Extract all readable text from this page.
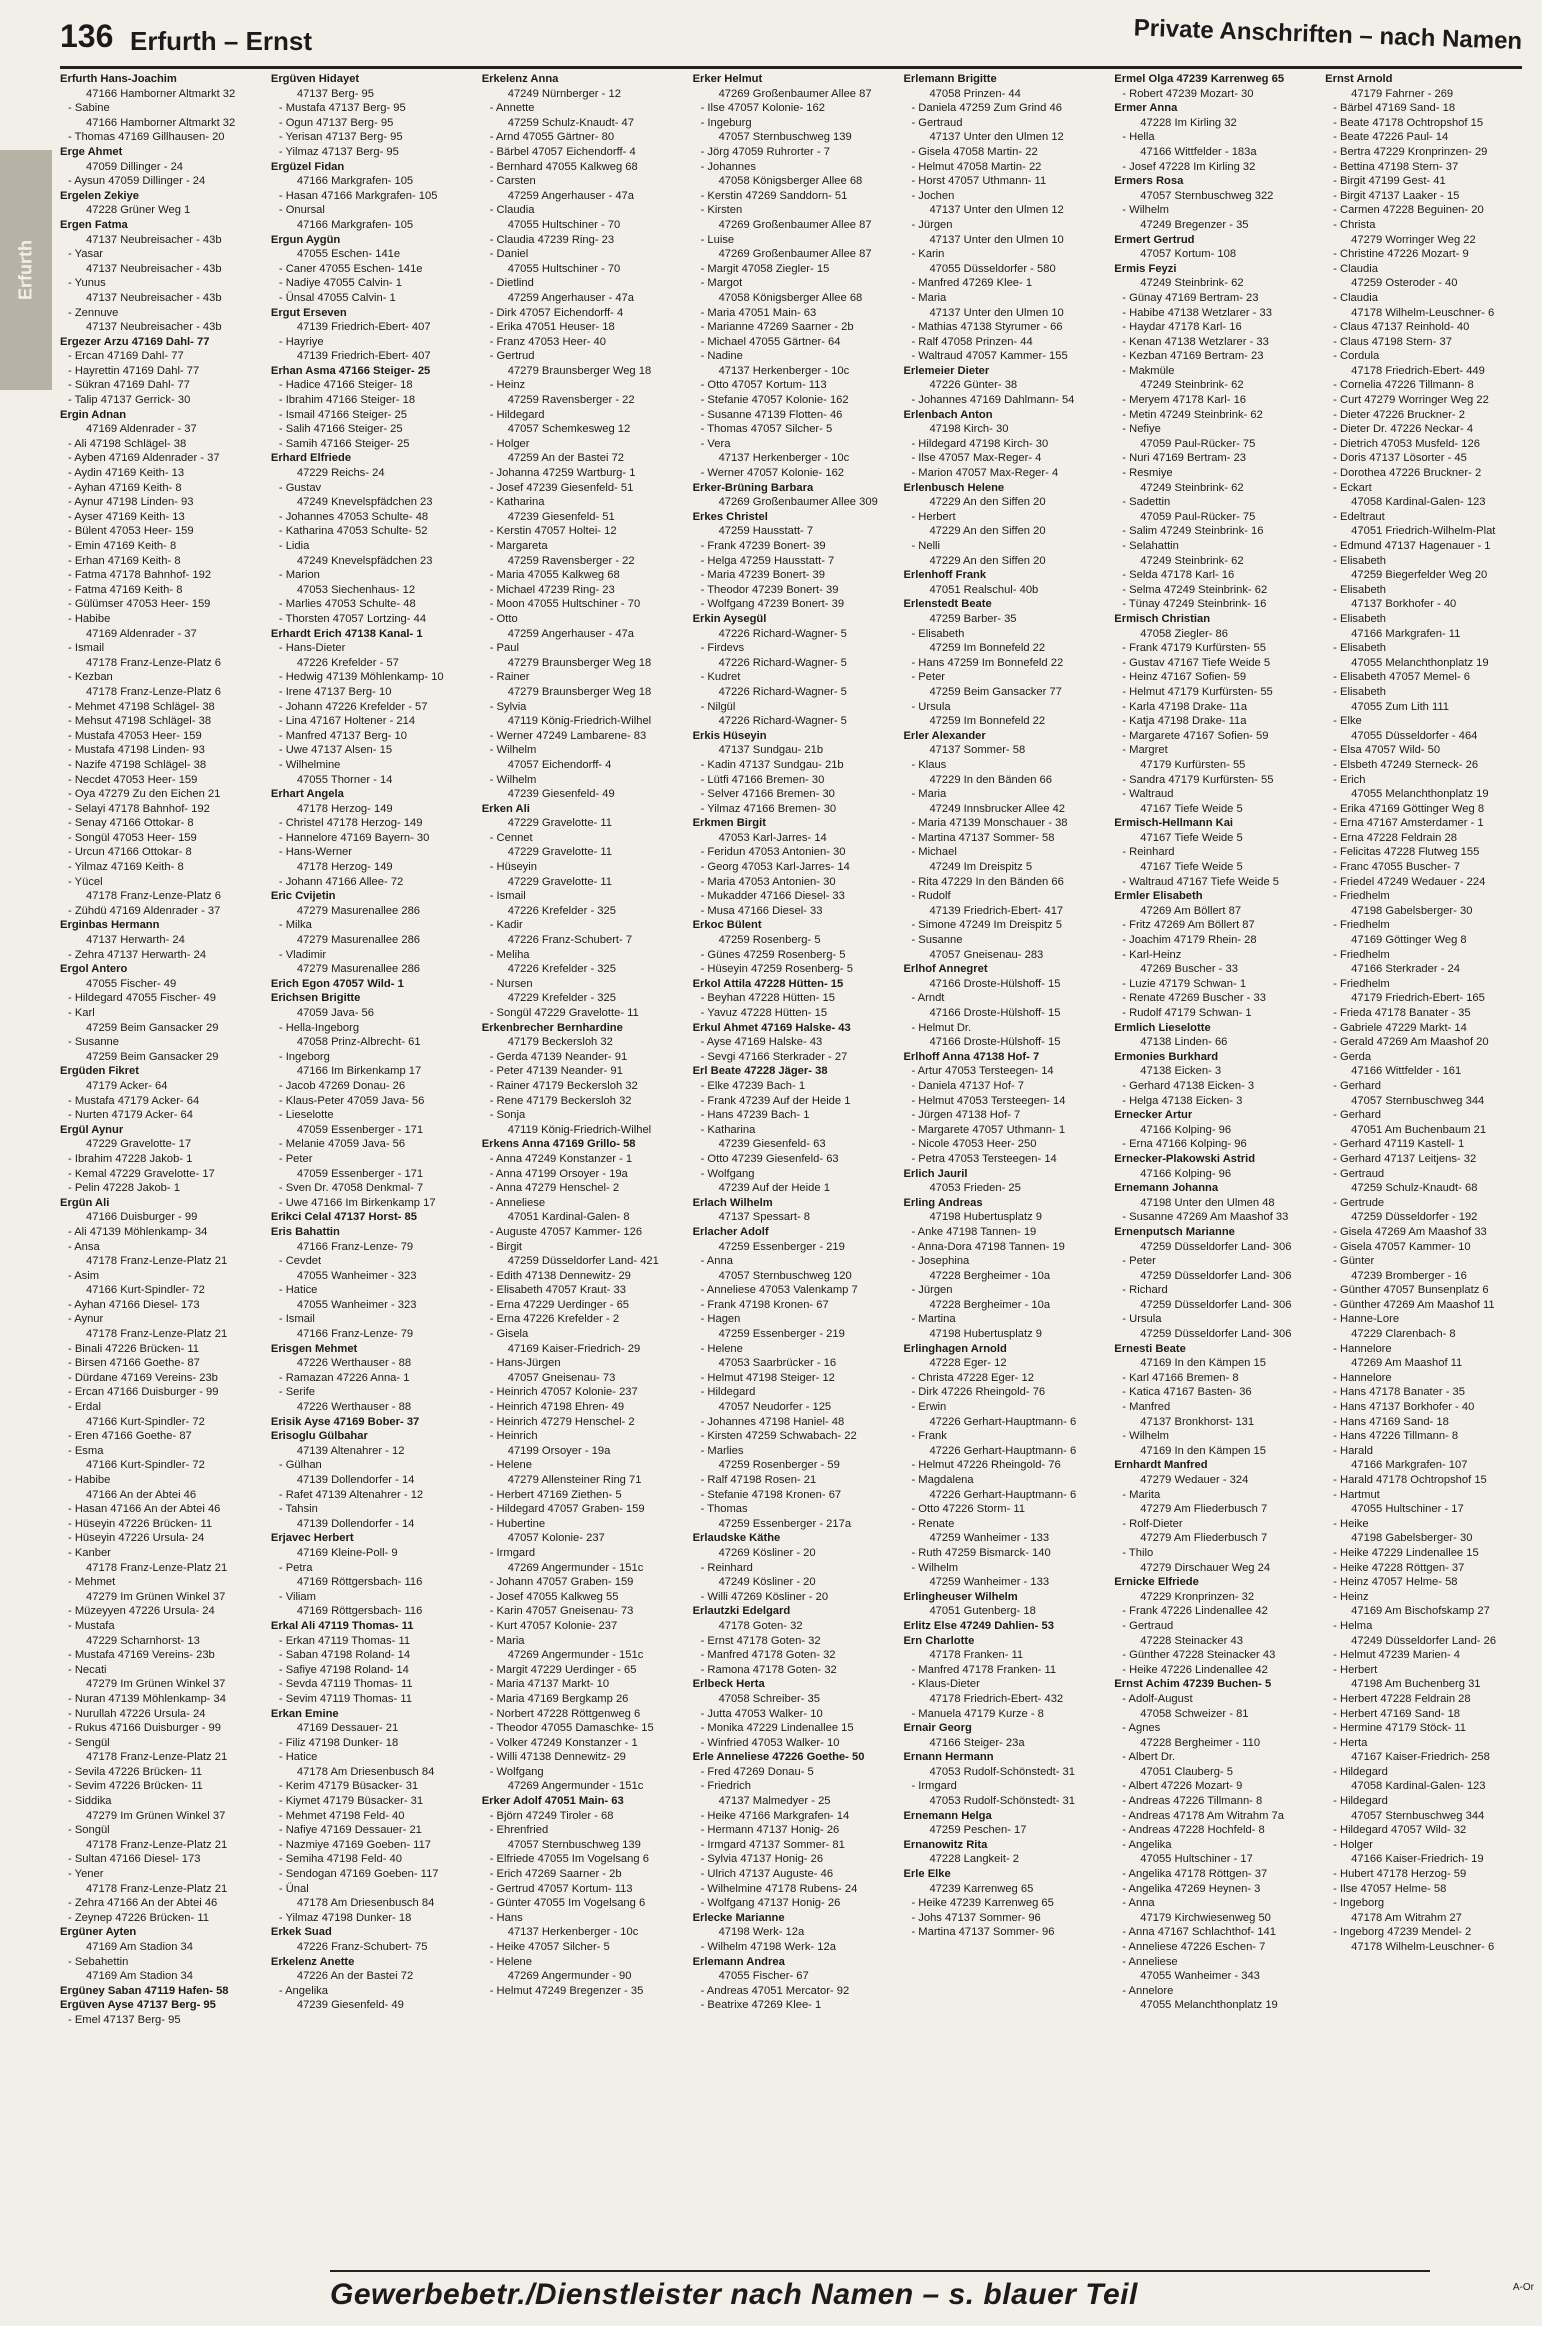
136 Erfurth – Ernst	Private Anschriften – nach Namen
Erfurth
Erfurth Hans-Joachim
47166 Hamborner Altmarkt 32
- Sabine
47166 Hamborner Altmarkt 32
- Thomas 47169 Gillhausen- 20
Erge Ahmet
47059 Dillinger - 24
- Aysun 47059 Dillinger - 24
Ergelen Zekiye
47228 Grüner Weg 1
Ergen Fatma
47137 Neubreisacher - 43b
- Yasar
47137 Neubreisacher - 43b
- Yunus
47137 Neubreisacher - 43b
- Zennuve
47137 Neubreisacher - 43b
Ergezer Arzu 47169 Dahl- 77
- Ercan 47169 Dahl- 77
- Hayrettin 47169 Dahl- 77
- Sükran 47169 Dahl- 77
- Talip 47137 Gerrick- 30
Ergin Adnan
47169 Aldenrader - 37
- Ali 47198 Schlägel- 38
- Ayben 47169 Aldenrader - 37
- Aydin 47169 Keith- 13
- Ayhan 47169 Keith- 8
- Aynur 47198 Linden- 93
- Ayser 47169 Keith- 13
- Bülent 47053 Heer- 159
- Emin 47169 Keith- 8
- Erhan 47169 Keith- 8
- Fatma 47178 Bahnhof- 192
- Fatma 47169 Keith- 8
- Gülümser 47053 Heer- 159
- Habibe
47169 Aldenrader - 37
- Ismail
47178 Franz-Lenze-Platz 6
- Kezban
47178 Franz-Lenze-Platz 6
- Mehmet 47198 Schlägel- 38
- Mehsut 47198 Schlägel- 38
- Mustafa 47053 Heer- 159
- Mustafa 47198 Linden- 93
- Nazife 47198 Schlägel- 38
- Necdet 47053 Heer- 159
- Oya 47279 Zu den Eichen 21
- Selayi 47178 Bahnhof- 192
- Senay 47166 Ottokar- 8
- Songül 47053 Heer- 159
- Urcun 47166 Ottokar- 8
- Yilmaz 47169 Keith- 8
- Yücel
47178 Franz-Lenze-Platz 6
- Zühdü 47169 Aldenrader - 37
Erginbas Hermann
47137 Herwarth- 24
- Zehra 47137 Herwarth- 24
Ergol Antero
47055 Fischer- 49
- Hildegard 47055 Fischer- 49
- Karl
47259 Beim Gansacker 29
- Susanne
47259 Beim Gansacker 29
Ergüden Fikret
47179 Acker- 64
- Mustafa 47179 Acker- 64
- Nurten 47179 Acker- 64
Ergül Aynur
47229 Gravelotte- 17
- Ibrahim 47228 Jakob- 1
- Kemal 47229 Gravelotte- 17
- Pelin 47228 Jakob- 1
Ergün Ali
47166 Duisburger - 99
- Ali 47139 Möhlenkamp- 34
- Ansa
47178 Franz-Lenze-Platz 21
- Asim
47166 Kurt-Spindler- 72
- Ayhan 47166 Diesel- 173
- Aynur
47178 Franz-Lenze-Platz 21
- Binali 47226 Brücken- 11
- Birsen 47166 Goethe- 87
- Dürdane 47169 Vereins- 23b
- Ercan 47166 Duisburger - 99
- Erdal
47166 Kurt-Spindler- 72
- Eren 47166 Goethe- 87
- Esma
47166 Kurt-Spindler- 72
- Habibe
47166 An der Abtei 46
- Hasan 47166 An der Abtei 46
- Hüseyin 47226 Brücken- 11
- Hüseyin 47226 Ursula- 24
- Kanber
47178 Franz-Lenze-Platz 21
- Mehmet
47279 Im Grünen Winkel 37
- Müzeyyen 47226 Ursula- 24
- Mustafa
47229 Scharnhorst- 13
- Mustafa 47169 Vereins- 23b
- Necati
47279 Im Grünen Winkel 37
- Nuran 47139 Möhlenkamp- 34
- Nurullah 47226 Ursula- 24
- Rukus 47166 Duisburger - 99
- Sengül
47178 Franz-Lenze-Platz 21
- Sevila 47226 Brücken- 11
- Sevim 47226 Brücken- 11
- Siddika
47279 Im Grünen Winkel 37
- Songül
47178 Franz-Lenze-Platz 21
- Sultan 47166 Diesel- 173
- Yener
47178 Franz-Lenze-Platz 21
- Zehra 47166 An der Abtei 46
- Zeynep 47226 Brücken- 11
Ergüner Ayten
47169 Am Stadion 34
- Sebahettin
47169 Am Stadion 34
Ergüney Saban 47119 Hafen- 58
Ergüven Ayse 47137 Berg- 95
- Emel 47137 Berg- 95
Ergüven Hidayet
47137 Berg- 95
- Mustafa 47137 Berg- 95
- Ogun 47137 Berg- 95
- Yerisan 47137 Berg- 95
- Yilmaz 47137 Berg- 95
Ergüzel Fidan
47166 Markgrafen- 105
- Hasan 47166 Markgrafen- 105
- Onursal
47166 Markgrafen- 105
Ergun Aygün
47055 Eschen- 141e
- Caner 47055 Eschen- 141e
- Nadiye 47055 Calvin- 1
- Ünsal 47055 Calvin- 1
Ergut Erseven
47139 Friedrich-Ebert- 407
- Hayriye
47139 Friedrich-Ebert- 407
Erhan Asma 47166 Steiger- 25
- Hadice 47166 Steiger- 18
- Ibrahim 47166 Steiger- 18
- Ismail 47166 Steiger- 25
- Salih 47166 Steiger- 25
- Samih 47166 Steiger- 25
Erhard Elfriede
47229 Reichs- 24
- Gustav
47249 Knevelspfädchen 23
- Johannes 47053 Schulte- 48
- Katharina 47053 Schulte- 52
- Lidia
47249 Knevelspfädchen 23
- Marion
47053 Siechenhaus- 12
- Marlies 47053 Schulte- 48
- Thorsten 47057 Lortzing- 44
Erhardt Erich 47138 Kanal- 1
- Hans-Dieter
47226 Krefelder - 57
- Hedwig 47139 Möhlenkamp- 10
- Irene 47137 Berg- 10
- Johann 47226 Krefelder - 57
- Lina 47167 Holtener - 214
- Manfred 47137 Berg- 10
- Uwe 47137 Alsen- 15
- Wilhelmine
47055 Thorner - 14
Erhart Angela
47178 Herzog- 149
- Christel 47178 Herzog- 149
- Hannelore 47169 Bayern- 30
- Hans-Werner
47178 Herzog- 149
- Johann 47166 Allee- 72
Eric Cvijetin
47279 Masurenallee 286
- Milka
47279 Masurenallee 286
- Vladimir
47279 Masurenallee 286
Erich Egon 47057 Wild- 1
Erichsen Brigitte
47059 Java- 56
- Hella-Ingeborg
47058 Prinz-Albrecht- 61
- Ingeborg
47166 Im Birkenkamp 17
- Jacob 47269 Donau- 26
- Klaus-Peter 47059 Java- 56
- Lieselotte
47059 Essenberger - 171
- Melanie 47059 Java- 56
- Peter
47059 Essenberger - 171
- Sven Dr. 47058 Denkmal- 7
- Uwe 47166 Im Birkenkamp 17
Erikci Celal 47137 Horst- 85
Eris Bahattin
47166 Franz-Lenze- 79
- Cevdet
47055 Wanheimer - 323
- Hatice
47055 Wanheimer - 323
- Ismail
47166 Franz-Lenze- 79
Erisgen Mehmet
47226 Werthauser - 88
- Ramazan 47226 Anna- 1
- Serife
47226 Werthauser - 88
Erisik Ayse 47169 Bober- 37
Erisoglu Gülbahar
47139 Altenahrer - 12
- Gülhan
47139 Dollendorfer - 14
- Rafet 47139 Altenahrer - 12
- Tahsin
47139 Dollendorfer - 14
Erjavec Herbert
47169 Kleine-Poll- 9
- Petra
47169 Röttgersbach- 116
- Viliam
47169 Röttgersbach- 116
Erkal Ali 47119 Thomas- 11
- Erkan 47119 Thomas- 11
- Saban 47198 Roland- 14
- Safiye 47198 Roland- 14
- Sevda 47119 Thomas- 11
- Sevim 47119 Thomas- 11
Erkan Emine
47169 Dessauer- 21
- Filiz 47198 Dunker- 18
- Hatice
47178 Am Driesenbusch 84
- Kerim 47179 Büsacker- 31
- Kiymet 47179 Büsacker- 31
- Mehmet 47198 Feld- 40
- Nafiye 47169 Dessauer- 21
- Nazmiye 47169 Goeben- 117
- Semiha 47198 Feld- 40
- Sendogan 47169 Goeben- 117
- Ünal
47178 Am Driesenbusch 84
- Yilmaz 47198 Dunker- 18
Erkek Suad
47226 Franz-Schubert- 75
Erkelenz Anette
47226 An der Bastei 72
- Angelika
47239 Giesenfeld- 49
Erkelenz Anna
47249 Nürnberger - 12
- Annette
47259 Schulz-Knaudt- 47
- Arnd 47055 Gärtner- 80
- Bärbel 47057 Eichendorff- 4
- Bernhard 47055 Kalkweg 68
- Carsten
47259 Angerhauser - 47a
- Claudia
47055 Hultschiner - 70
- Claudia 47239 Ring- 23
- Daniel
47055 Hultschiner - 70
- Dietlind
47259 Angerhauser - 47a
- Dirk 47057 Eichendorff- 4
- Erika 47051 Heuser- 18
- Franz 47053 Heer- 40
- Gertrud
47279 Braunsberger Weg 18
- Heinz
47259 Ravensberger - 22
- Hildegard
47057 Schemkesweg 12
- Holger
47259 An der Bastei 72
- Johanna 47259 Wartburg- 1
- Josef 47239 Giesenfeld- 51
- Katharina
47239 Giesenfeld- 51
- Kerstin 47057 Holtei- 12
- Margareta
47259 Ravensberger - 22
- Maria 47055 Kalkweg 68
- Michael 47239 Ring- 23
- Moon 47055 Hultschiner - 70
- Otto
47259 Angerhauser - 47a
- Paul
47279 Braunsberger Weg 18
- Rainer
47279 Braunsberger Weg 18
- Sylvia
47119 König-Friedrich-Wilhel
- Werner 47249 Lambarene- 83
- Wilhelm
47057 Eichendorff- 4
- Wilhelm
47239 Giesenfeld- 49
Erken Ali
47229 Gravelotte- 11
- Cennet
47229 Gravelotte- 11
- Hüseyin
47229 Gravelotte- 11
- Ismail
47226 Krefelder - 325
- Kadir
47226 Franz-Schubert- 7
- Meliha
47226 Krefelder - 325
- Nursen
47229 Krefelder - 325
- Songül 47229 Gravelotte- 11
Erkenbrecher Bernhardine
47179 Beckersloh 32
- Gerda 47139 Neander- 91
- Peter 47139 Neander- 91
- Rainer 47179 Beckersloh 32
- Rene 47179 Beckersloh 32
- Sonja
47119 König-Friedrich-Wilhel
Erkens Anna 47169 Grillo- 58
- Anna 47249 Konstanzer - 1
- Anna 47199 Orsoyer - 19a
- Anna 47279 Henschel- 2
- Anneliese
47051 Kardinal-Galen- 8
- Auguste 47057 Kammer- 126
- Birgit
47259 Düsseldorfer Land- 421
- Edith 47138 Dennewitz- 29
- Elisabeth 47057 Kraut- 33
- Erna 47229 Uerdinger - 65
- Erna 47226 Krefelder - 2
- Gisela
47169 Kaiser-Friedrich- 29
- Hans-Jürgen
47057 Gneisenau- 73
- Heinrich 47057 Kolonie- 237
- Heinrich 47198 Ehren- 49
- Heinrich 47279 Henschel- 2
- Heinrich
47199 Orsoyer - 19a
- Helene
47279 Allensteiner Ring 71
- Herbert 47169 Ziethen- 5
- Hildegard 47057 Graben- 159
- Hubertine
47057 Kolonie- 237
- Irmgard
47269 Angermunder - 151c
- Johann 47057 Graben- 159
- Josef 47055 Kalkweg 55
- Karin 47057 Gneisenau- 73
- Kurt 47057 Kolonie- 237
- Maria
47269 Angermunder - 151c
- Margit 47229 Uerdinger - 65
- Maria 47137 Markt- 10
- Maria 47169 Bergkamp 26
- Norbert 47228 Röttgenweg 6
- Theodor 47055 Damaschke- 15
- Volker 47249 Konstanzer - 1
- Willi 47138 Dennewitz- 29
- Wolfgang
47269 Angermunder - 151c
Erker Adolf 47051 Main- 63
- Björn 47249 Tiroler - 68
- Ehrenfried
47057 Sternbuschweg 139
- Elfriede 47055 Im Vogelsang 6
- Erich 47269 Saarner - 2b
- Gertrud 47057 Kortum- 113
- Günter 47055 Im Vogelsang 6
- Hans
47137 Herkenberger - 10c
- Heike 47057 Silcher- 5
- Helene
47269 Angermunder - 90
- Helmut 47249 Bregenzer - 35
Erker Helmut
47269 Großenbaumer Allee 87
- Ilse 47057 Kolonie- 162
- Ingeburg
47057 Sternbuschweg 139
- Jörg 47059 Ruhrorter - 7
- Johannes
47058 Königsberger Allee 68
- Kerstin 47269 Sanddorn- 51
- Kirsten
47269 Großenbaumer Allee 87
- Luise
47269 Großenbaumer Allee 87
- Margit 47058 Ziegler- 15
- Margot
47058 Königsberger Allee 68
- Maria 47051 Main- 63
- Marianne 47269 Saarner - 2b
- Michael 47055 Gärtner- 64
- Nadine
47137 Herkenberger - 10c
- Otto 47057 Kortum- 113
- Stefanie 47057 Kolonie- 162
- Susanne 47139 Flotten- 46
- Thomas 47057 Silcher- 5
- Vera
47137 Herkenberger - 10c
- Werner 47057 Kolonie- 162
Erker-Brüning Barbara
47269 Großenbaumer Allee 309
Erkes Christel
47259 Hausstatt- 7
- Frank 47239 Bonert- 39
- Helga 47259 Hausstatt- 7
- Maria 47239 Bonert- 39
- Theodor 47239 Bonert- 39
- Wolfgang 47239 Bonert- 39
Erkin Aysegül
47226 Richard-Wagner- 5
- Firdevs
47226 Richard-Wagner- 5
- Kudret
47226 Richard-Wagner- 5
- Nilgül
47226 Richard-Wagner- 5
Erkis Hüseyin
47137 Sundgau- 21b
- Kadin 47137 Sundgau- 21b
- Lütfi 47166 Bremen- 30
- Selver 47166 Bremen- 30
- Yilmaz 47166 Bremen- 30
Erkmen Birgit
47053 Karl-Jarres- 14
- Feridun 47053 Antonien- 30
- Georg 47053 Karl-Jarres- 14
- Maria 47053 Antonien- 30
- Mukadder 47166 Diesel- 33
- Musa 47166 Diesel- 33
Erkoc Bülent
47259 Rosenberg- 5
- Günes 47259 Rosenberg- 5
- Hüseyin 47259 Rosenberg- 5
Erkol Attila 47228 Hütten- 15
- Beyhan 47228 Hütten- 15
- Yavuz 47228 Hütten- 15
Erkul Ahmet 47169 Halske- 43
- Ayse 47169 Halske- 43
- Sevgi 47166 Sterkrader - 27
Erl Beate 47228 Jäger- 38
- Elke 47239 Bach- 1
- Frank 47239 Auf der Heide 1
- Hans 47239 Bach- 1
- Katharina
47239 Giesenfeld- 63
- Otto 47239 Giesenfeld- 63
- Wolfgang
47239 Auf der Heide 1
Erlach Wilhelm
47137 Spessart- 8
Erlacher Adolf
47259 Essenberger - 219
- Anna
47057 Sternbuschweg 120
- Anneliese 47053 Valenkamp 7
- Frank 47198 Kronen- 67
- Hagen
47259 Essenberger - 219
- Helene
47053 Saarbrücker - 16
- Helmut 47198 Steiger- 12
- Hildegard
47057 Neudorfer - 125
- Johannes 47198 Haniel- 48
- Kirsten 47259 Schwabach- 22
- Marlies
47259 Rosenberger - 59
- Ralf 47198 Rosen- 21
- Stefanie 47198 Kronen- 67
- Thomas
47259 Essenberger - 217a
Erlaudske Käthe
47269 Kösliner - 20
- Reinhard
47249 Kösliner - 20
- Willi 47269 Kösliner - 20
Erlautzki Edelgard
47178 Goten- 32
- Ernst 47178 Goten- 32
- Manfred 47178 Goten- 32
- Ramona 47178 Goten- 32
Erlbeck Herta
47058 Schreiber- 35
- Jutta 47053 Walker- 10
- Monika 47229 Lindenallee 15
- Winfried 47053 Walker- 10
Erle Anneliese 47226 Goethe- 50
- Fred 47269 Donau- 5
- Friedrich
47137 Malmedyer - 25
- Heike 47166 Markgrafen- 14
- Hermann 47137 Honig- 26
- Irmgard 47137 Sommer- 81
- Sylvia 47137 Honig- 26
- Ulrich 47137 Auguste- 46
- Wilhelmine 47178 Rubens- 24
- Wolfgang 47137 Honig- 26
Erlecke Marianne
47198 Werk- 12a
- Wilhelm 47198 Werk- 12a
Erlemann Andrea
47055 Fischer- 67
- Andreas 47051 Mercator- 92
- Beatrixe 47269 Klee- 1
Erlemann Brigitte
47058 Prinzen- 44
- Daniela 47259 Zum Grind 46
- Gertraud
47137 Unter den Ulmen 12
- Gisela 47058 Martin- 22
- Helmut 47058 Martin- 22
- Horst 47057 Uthmann- 11
- Jochen
47137 Unter den Ulmen 12
- Jürgen
47137 Unter den Ulmen 10
- Karin
47055 Düsseldorfer - 580
- Manfred 47269 Klee- 1
- Maria
47137 Unter den Ulmen 10
- Mathias 47138 Styrumer - 66
- Ralf 47058 Prinzen- 44
- Waltraud 47057 Kammer- 155
Erlemeier Dieter
47226 Günter- 38
- Johannes 47169 Dahlmann- 54
Erlenbach Anton
47198 Kirch- 30
- Hildegard 47198 Kirch- 30
- Ilse 47057 Max-Reger- 4
- Marion 47057 Max-Reger- 4
Erlenbusch Helene
47229 An den Siffen 20
- Herbert
47229 An den Siffen 20
- Nelli
47229 An den Siffen 20
Erlenhoff Frank
47051 Realschul- 40b
Erlenstedt Beate
47259 Barber- 35
- Elisabeth
47259 Im Bonnefeld 22
- Hans 47259 Im Bonnefeld 22
- Peter
47259 Beim Gansacker 77
- Ursula
47259 Im Bonnefeld 22
Erler Alexander
47137 Sommer- 58
- Klaus
47229 In den Bänden 66
- Maria
47249 Innsbrucker Allee 42
- Maria 47139 Monschauer - 38
- Martina 47137 Sommer- 58
- Michael
47249 Im Dreispitz 5
- Rita 47229 In den Bänden 66
- Rudolf
47139 Friedrich-Ebert- 417
- Simone 47249 Im Dreispitz 5
- Susanne
47057 Gneisenau- 283
Erlhof Annegret
47166 Droste-Hülshoff- 15
- Arndt
47166 Droste-Hülshoff- 15
- Helmut Dr.
47166 Droste-Hülshoff- 15
Erlhoff Anna 47138 Hof- 7
- Artur 47053 Tersteegen- 14
- Daniela 47137 Hof- 7
- Helmut 47053 Tersteegen- 14
- Jürgen 47138 Hof- 7
- Margarete 47057 Uthmann- 1
- Nicole 47053 Heer- 250
- Petra 47053 Tersteegen- 14
Erlich Jauril
47053 Frieden- 25
Erling Andreas
47198 Hubertusplatz 9
- Anke 47198 Tannen- 19
- Anna-Dora 47198 Tannen- 19
- Josephina
47228 Bergheimer - 10a
- Jürgen
47228 Bergheimer - 10a
- Martina
47198 Hubertusplatz 9
Erlinghagen Arnold
47228 Eger- 12
- Christa 47228 Eger- 12
- Dirk 47226 Rheingold- 76
- Erwin
47226 Gerhart-Hauptmann- 6
- Frank
47226 Gerhart-Hauptmann- 6
- Helmut 47226 Rheingold- 76
- Magdalena
47226 Gerhart-Hauptmann- 6
- Otto 47226 Storm- 11
- Renate
47259 Wanheimer - 133
- Ruth 47259 Bismarck- 140
- Wilhelm
47259 Wanheimer - 133
Erlingheuser Wilhelm
47051 Gutenberg- 18
Erlitz Else 47249 Dahlien- 53
Ern Charlotte
47178 Franken- 11
- Manfred 47178 Franken- 11
- Klaus-Dieter
47178 Friedrich-Ebert- 432
- Manuela 47179 Kurze - 8
Ernair Georg
47166 Steiger- 23a
Ernann Hermann
47053 Rudolf-Schönstedt- 31
- Irmgard
47053 Rudolf-Schönstedt- 31
Ernemann Helga
47259 Peschen- 17
Ernanowitz Rita
47228 Langkeit- 2
Erle Elke
47239 Karrenweg 65
- Heike 47239 Karrenweg 65
- Johs 47137 Sommer- 96
- Martina 47137 Sommer- 96
Ermel Olga 47239 Karrenweg 65
- Robert 47239 Mozart- 30
Ermer Anna
47228 Im Kirling 32
- Hella
47166 Wittfelder - 183a
- Josef 47228 Im Kirling 32
Ermers Rosa
47057 Sternbuschweg 322
- Wilhelm
47249 Bregenzer - 35
Ermert Gertrud
47057 Kortum- 108
Ermis Feyzi
47249 Steinbrink- 62
- Günay 47169 Bertram- 23
- Habibe 47138 Wetzlarer - 33
- Haydar 47178 Karl- 16
- Kenan 47138 Wetzlarer - 33
- Kezban 47169 Bertram- 23
- Makmüle
47249 Steinbrink- 62
- Meryem 47178 Karl- 16
- Metin 47249 Steinbrink- 62
- Nefiye
47059 Paul-Rücker- 75
- Nuri 47169 Bertram- 23
- Resmiye
47249 Steinbrink- 62
- Sadettin
47059 Paul-Rücker- 75
- Salim 47249 Steinbrink- 16
- Selahattin
47249 Steinbrink- 62
- Selda 47178 Karl- 16
- Selma 47249 Steinbrink- 62
- Tünay 47249 Steinbrink- 16
Ermisch Christian
47058 Ziegler- 86
- Frank 47179 Kurfürsten- 55
- Gustav 47167 Tiefe Weide 5
- Heinz 47167 Sofien- 59
- Helmut 47179 Kurfürsten- 55
- Karla 47198 Drake- 11a
- Katja 47198 Drake- 11a
- Margarete 47167 Sofien- 59
- Margret
47179 Kurfürsten- 55
- Sandra 47179 Kurfürsten- 55
- Waltraud
47167 Tiefe Weide 5
Ermisch-Hellmann Kai
47167 Tiefe Weide 5
- Reinhard
47167 Tiefe Weide 5
- Waltraud 47167 Tiefe Weide 5
Ermler Elisabeth
47269 Am Böllert 87
- Fritz 47269 Am Böllert 87
- Joachim 47179 Rhein- 28
- Karl-Heinz
47269 Buscher - 33
- Luzie 47179 Schwan- 1
- Renate 47269 Buscher - 33
- Rudolf 47179 Schwan- 1
Ermlich Lieselotte
47138 Linden- 66
Ermonies Burkhard
47138 Eicken- 3
- Gerhard 47138 Eicken- 3
- Helga 47138 Eicken- 3
Ernecker Artur
47166 Kolping- 96
- Erna 47166 Kolping- 96
Ernecker-Plakowski Astrid
47166 Kolping- 96
Ernemann Johanna
47198 Unter den Ulmen 48
- Susanne 47269 Am Maashof 33
Ernenputsch Marianne
47259 Düsseldorfer Land- 306
- Peter
47259 Düsseldorfer Land- 306
- Richard
47259 Düsseldorfer Land- 306
- Ursula
47259 Düsseldorfer Land- 306
Ernesti Beate
47169 In den Kämpen 15
- Karl 47166 Bremen- 8
- Katica 47167 Basten- 36
- Manfred
47137 Bronkhorst- 131
- Wilhelm
47169 In den Kämpen 15
Ernhardt Manfred
47279 Wedauer - 324
- Marita
47279 Am Fliederbusch 7
- Rolf-Dieter
47279 Am Fliederbusch 7
- Thilo
47279 Dirschauer Weg 24
Ernicke Elfriede
47229 Kronprinzen- 32
- Frank 47226 Lindenallee 42
- Gertraud
47228 Steinacker 43
- Günther 47228 Steinacker 43
- Heike 47226 Lindenallee 42
Ernst Achim 47239 Buchen- 5
- Adolf-August
47058 Schweizer - 81
- Agnes
47228 Bergheimer - 110
- Albert Dr.
47051 Clauberg- 5
- Albert 47226 Mozart- 9
- Andreas 47226 Tillmann- 8
- Andreas 47178 Am Witrahm 7a
- Andreas 47228 Hochfeld- 8
- Angelika
47055 Hultschiner - 17
- Angelika 47178 Röttgen- 37
- Angelika 47269 Heynen- 3
- Anna
47179 Kirchwiesenweg 50
- Anna 47167 Schlachthof- 141
- Anneliese 47226 Eschen- 7
- Anneliese
47055 Wanheimer - 343
- Annelore
47055 Melanchthonplatz 19
Ernst Arnold
47179 Fahrner - 269
- Bärbel 47169 Sand- 18
- Beate 47178 Ochtropshof 15
- Beate 47226 Paul- 14
- Bertra 47229 Kronprinzen- 29
- Bettina 47198 Stern- 37
- Birgit 47199 Gest- 41
- Birgit 47137 Laaker - 15
- Carmen 47228 Beguinen- 20
- Christa
47279 Worringer Weg 22
- Christine 47226 Mozart- 9
- Claudia
47259 Osteroder - 40
- Claudia
47178 Wilhelm-Leuschner- 6
- Claus 47137 Reinhold- 40
- Claus 47198 Stern- 37
- Cordula
47178 Friedrich-Ebert- 449
- Cornelia 47226 Tillmann- 8
- Curt 47279 Worringer Weg 22
- Dieter 47226 Bruckner- 2
- Dieter Dr. 47226 Neckar- 4
- Dietrich 47053 Musfeld- 126
- Doris 47137 Lösorter - 45
- Dorothea 47226 Bruckner- 2
- Eckart
47058 Kardinal-Galen- 123
- Edeltraut
47051 Friedrich-Wilhelm-Plat
- Edmund 47137 Hagenauer - 1
- Elisabeth
47259 Biegerfelder Weg 20
- Elisabeth
47137 Borkhofer - 40
- Elisabeth
47166 Markgrafen- 11
- Elisabeth
47055 Melanchthonplatz 19
- Elisabeth 47057 Memel- 6
- Elisabeth
47055 Zum Lith 111
- Elke
47055 Düsseldorfer - 464
- Elsa 47057 Wild- 50
- Elsbeth 47249 Sterneck- 26
- Erich
47055 Melanchthonplatz 19
- Erika 47169 Göttinger Weg 8
- Erna 47167 Amsterdamer - 1
- Erna 47228 Feldrain 28
- Felicitas 47228 Flutweg 155
- Franc 47055 Buscher- 7
- Friedel 47249 Wedauer - 224
- Friedhelm
47198 Gabelsberger- 30
- Friedhelm
47169 Göttinger Weg 8
- Friedhelm
47166 Sterkrader - 24
- Friedhelm
47179 Friedrich-Ebert- 165
- Frieda 47178 Banater - 35
- Gabriele 47229 Markt- 14
- Gerald 47269 Am Maashof 20
- Gerda
47166 Wittfelder - 161
- Gerhard
47057 Sternbuschweg 344
- Gerhard
47051 Am Buchenbaum 21
- Gerhard 47119 Kastell- 1
- Gerhard 47137 Leitjens- 32
- Gertraud
47259 Schulz-Knaudt- 68
- Gertrude
47259 Düsseldorfer - 192
- Gisela 47269 Am Maashof 33
- Gisela 47057 Kammer- 10
- Günter
47239 Bromberger - 16
- Günther 47057 Bunsenplatz 6
- Günther 47269 Am Maashof 11
- Hanne-Lore
47229 Clarenbach- 8
- Hannelore
47269 Am Maashof 11
- Hannelore
- Hans 47178 Banater - 35
- Hans 47137 Borkhofer - 40
- Hans 47169 Sand- 18
- Hans 47226 Tillmann- 8
- Harald
47166 Markgrafen- 107
- Harald 47178 Ochtropshof 15
- Hartmut
47055 Hultschiner - 17
- Heike
47198 Gabelsberger- 30
- Heike 47229 Lindenallee 15
- Heike 47228 Röttgen- 37
- Heinz 47057 Helme- 58
- Heinz
47169 Am Bischofskamp 27
- Helma
47249 Düsseldorfer Land- 26
- Helmut 47239 Marien- 4
- Herbert
47198 Am Buchenberg 31
- Herbert 47228 Feldrain 28
- Herbert 47169 Sand- 18
- Hermine 47179 Stöck- 11
- Herta
47167 Kaiser-Friedrich- 258
- Hildegard
47058 Kardinal-Galen- 123
- Hildegard
47057 Sternbuschweg 344
- Hildegard 47057 Wild- 32
- Holger
47166 Kaiser-Friedrich- 19
- Hubert 47178 Herzog- 59
- Ilse 47057 Helme- 58
- Ingeborg
47178 Am Witrahm 27
- Ingeborg 47239 Mendel- 2
47178 Wilhelm-Leuschner- 6
Gewerbebetr./Dienstleister nach Namen – s. blauer Teil	A-Or
